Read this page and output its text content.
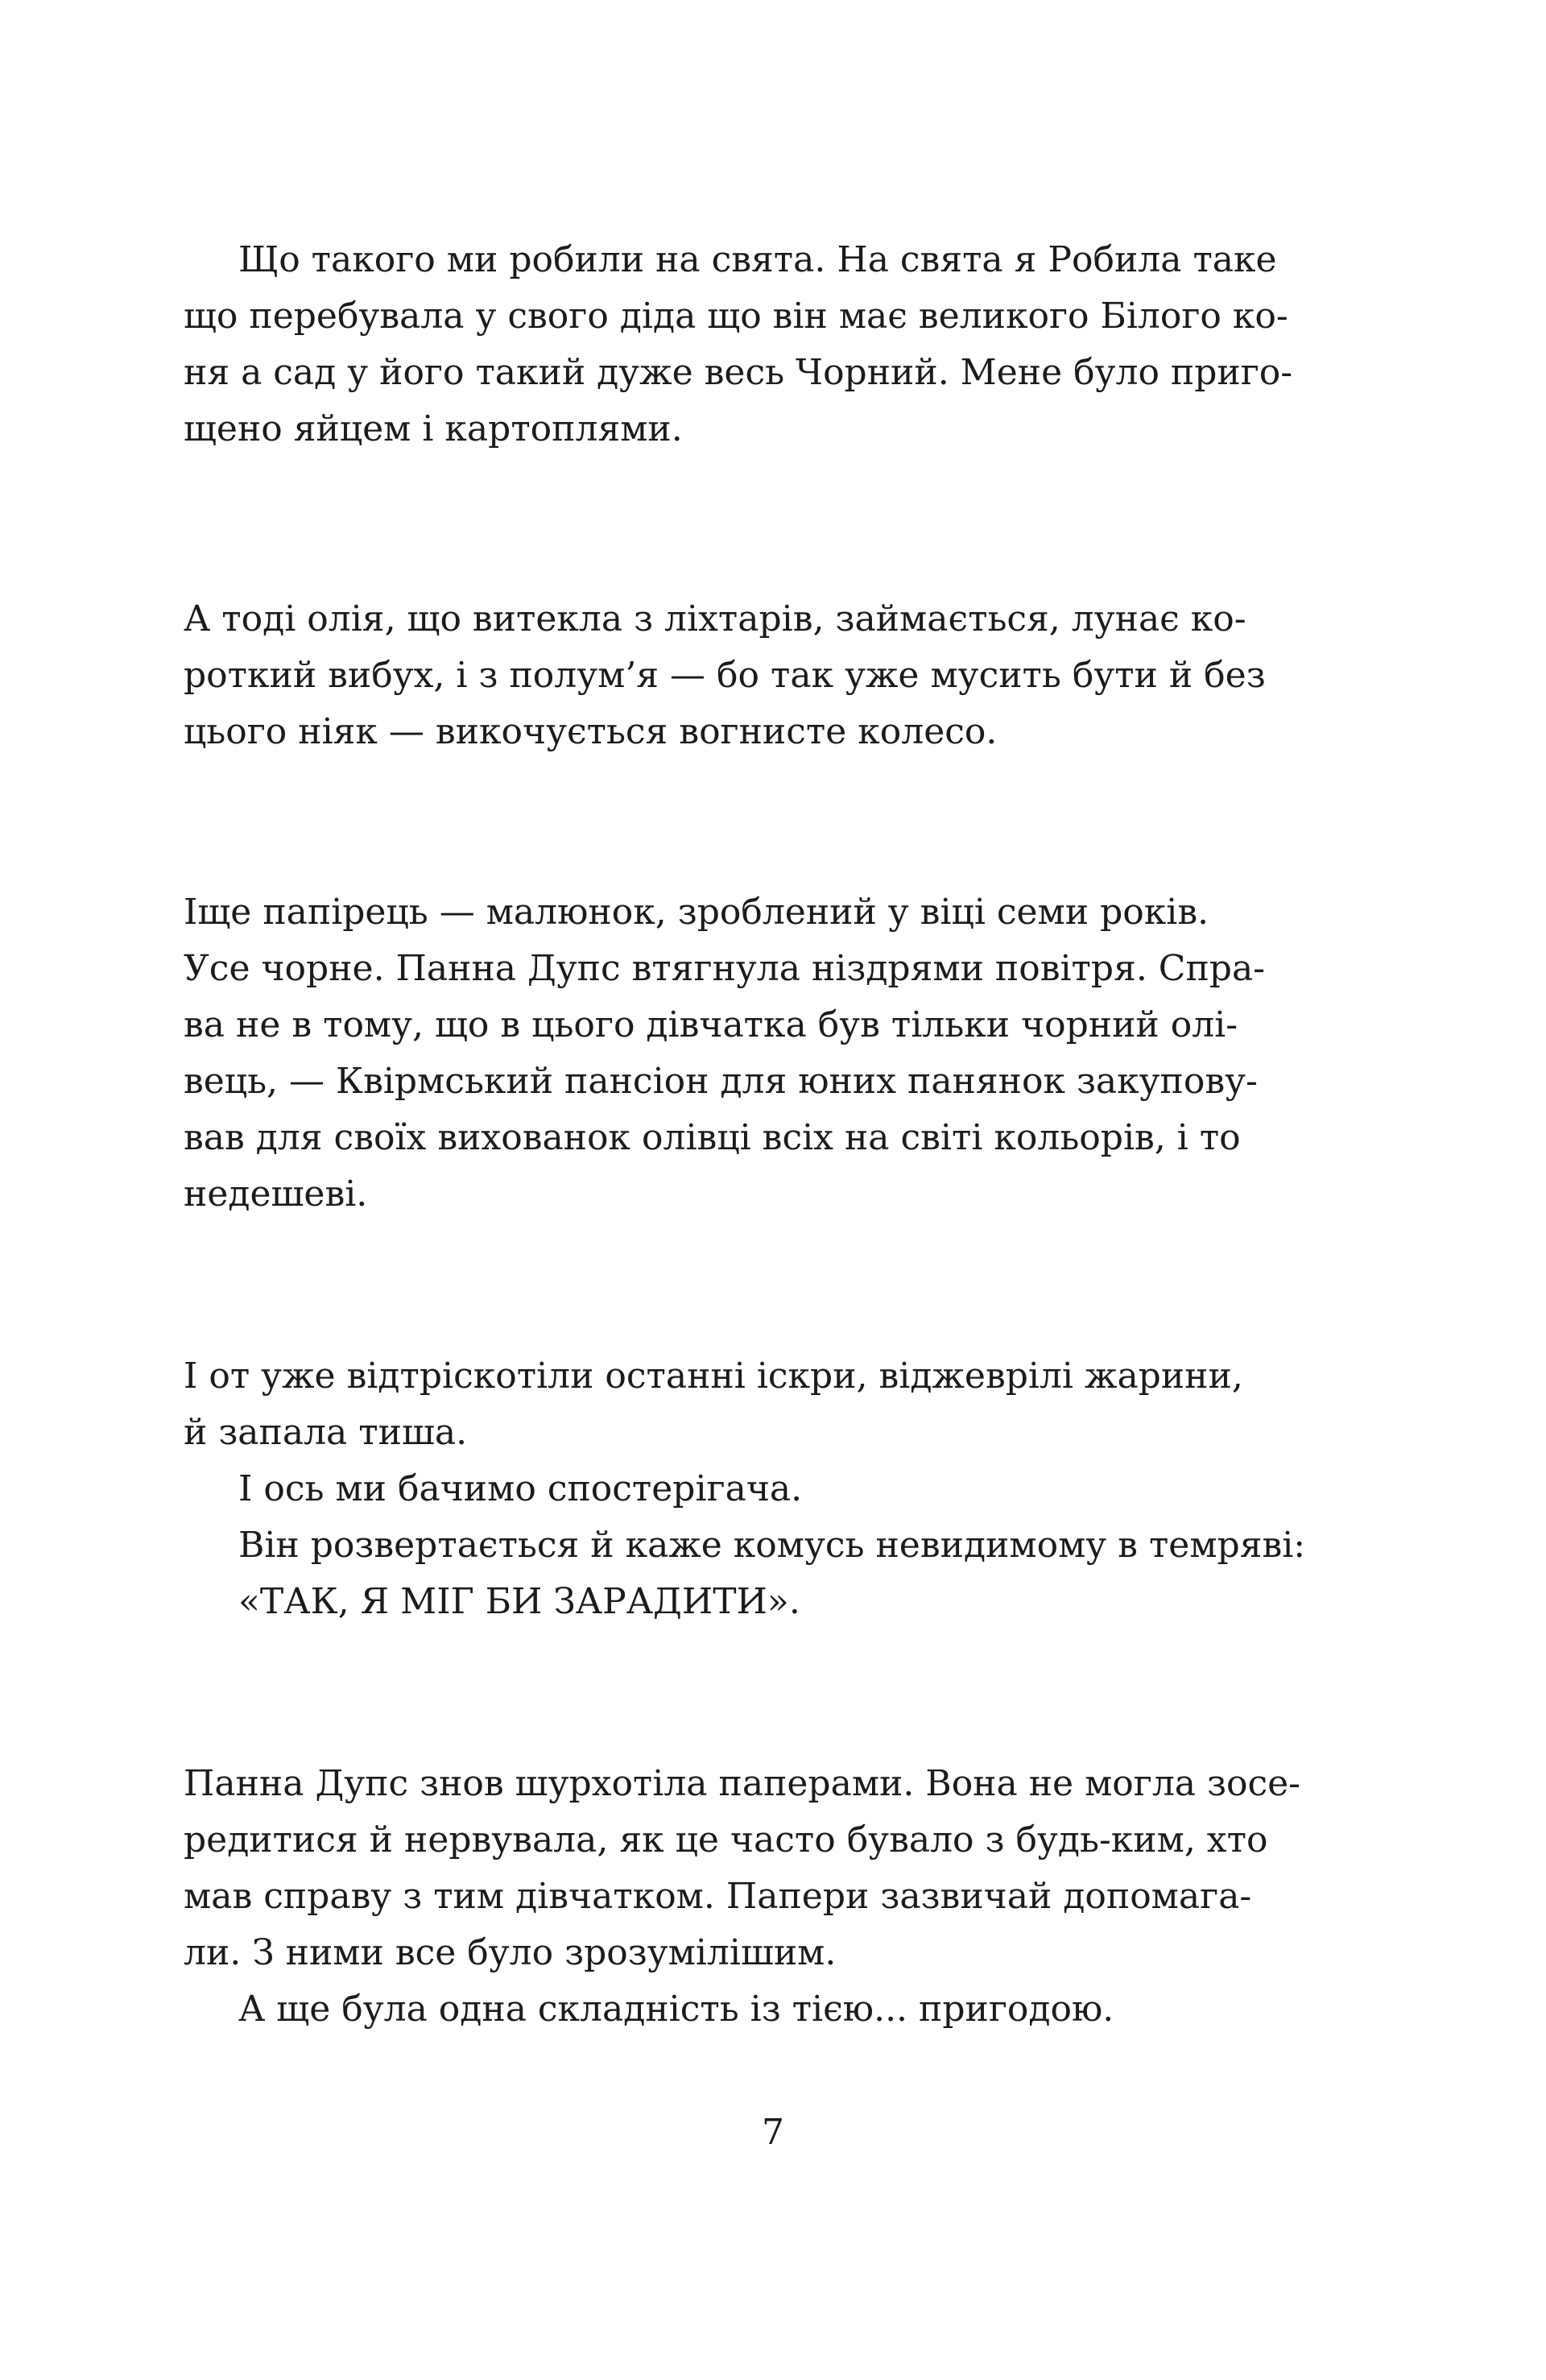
Що такого ми робили на свята. На свята я Робила таке
що перебувала у свого діда що він має великого Білого ко-
ня а сад у його такий дуже весь Чорний. Мене було приго-
щено яйцем і картоплями.
А тоді олія, що витекла з ліхтарів, займається, лунає ко-
роткий вибух, і з полум’я — бо так уже мусить бути й без
цього ніяк — викочується вогнисте колесо.
Іще папірець — малюнок, зроблений у віці семи років.
Усе чорне. Панна Дупс втягнула ніздрями повітря. Спра-
ва не в тому, що в цього дівчатка був тільки чорний олі-
вець, — Квірмський пансіон для юних панянок закупову-
вав для своїх вихованок олівці всіх на світі кольорів, і то
недешеві.
І от уже відтріскотіли останні іскри, віджеврілі жарини,
й запала тиша.
І ось ми бачимо спостерігача.
Він розвертається й каже комусь невидимому в темряві:
«ТАК, Я МІГ БИ ЗАРАДИТИ».
Панна Дупс знов шурхотіла паперами. Вона не могла зосе-
редитися й нервувала, як це часто бувало з будь-ким, хто
мав справу з тим дівчатком. Папери зазвичай допомага-
ли. З ними все було зрозумілішим.
А ще була одна складність із тією... пригодою.
7
